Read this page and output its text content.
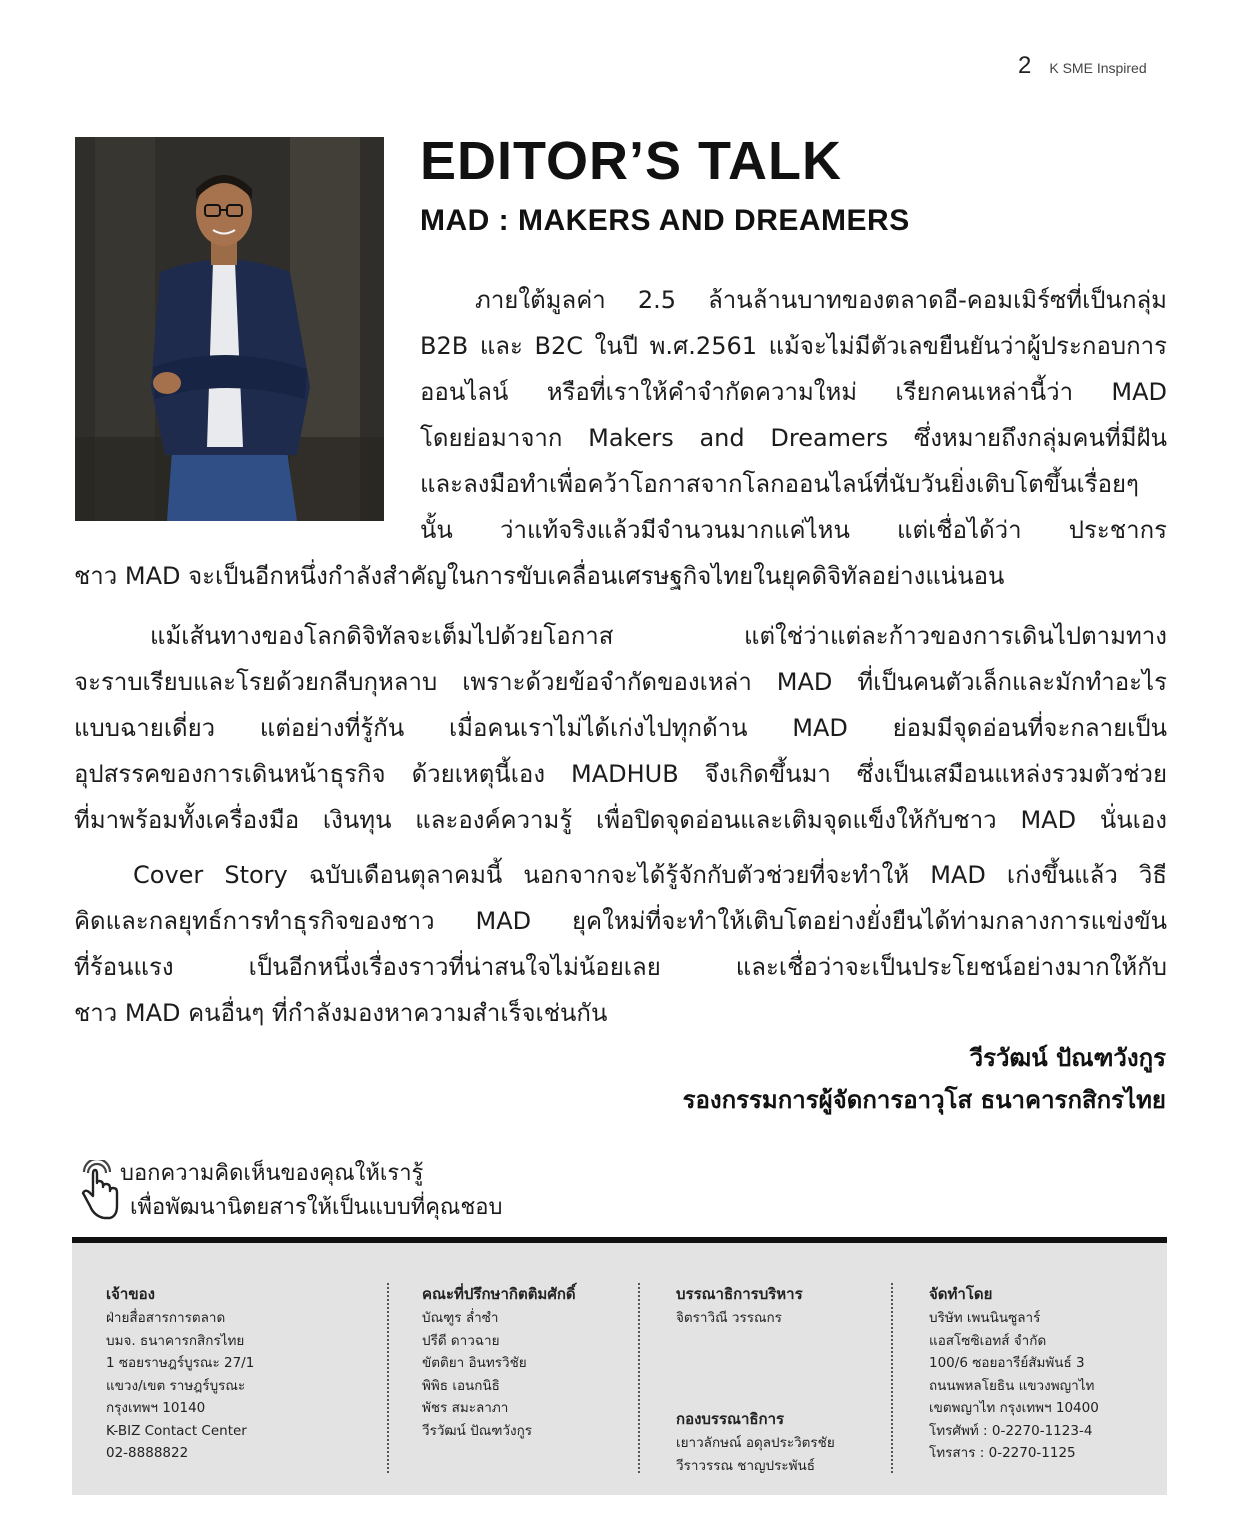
2 K SME Inspired
EDITOR’S TALK
MAD : MAKERS AND DREAMERS
ภายใต้มูลค่า 2.5 ล้านล้านบาทของตลาดอี-คอมเมิร์ซที่เป็นกลุ่ม
B2B และ B2C ในปี พ.ศ.2561 แม้จะไม่มีตัวเลขยืนยันว่าผู้ประกอบการ
ออนไลน์ หรือที่เราให้คำจำกัดความใหม่ เรียกคนเหล่านี้ว่า MAD
โดยย่อมาจาก Makers and Dreamers ซึ่งหมายถึงกลุ่มคนที่มีฝัน
และลงมือทำเพื่อคว้าโอกาสจากโลกออนไลน์ที่นับวันยิ่งเติบโตขึ้นเรื่อยๆ
นั้น ว่าแท้จริงแล้วมีจำนวนมากแค่ไหน แต่เชื่อได้ว่า ประชากร
ชาว MAD จะเป็นอีกหนึ่งกำลังสำคัญในการขับเคลื่อนเศรษฐกิจไทยในยุคดิจิทัลอย่างแน่นอน
แม้เส้นทางของโลกดิจิทัลจะเต็มไปด้วยโอกาส แต่ใช่ว่าแต่ละก้าวของการเดินไปตามทาง
จะราบเรียบและโรยด้วยกลีบกุหลาบ เพราะด้วยข้อจำกัดของเหล่า MAD ที่เป็นคนตัวเล็กและมักทำอะไร
แบบฉายเดี่ยว แต่อย่างที่รู้กัน เมื่อคนเราไม่ได้เก่งไปทุกด้าน MAD ย่อมมีจุดอ่อนที่จะกลายเป็น
อุปสรรคของการเดินหน้าธุรกิจ ด้วยเหตุนี้เอง MADHUB จึงเกิดขึ้นมา ซึ่งเป็นเสมือนแหล่งรวมตัวช่วย
ที่มาพร้อมทั้งเครื่องมือ เงินทุน และองค์ความรู้ เพื่อปิดจุดอ่อนและเติมจุดแข็งให้กับชาว MAD นั่นเอง
Cover Story ฉบับเดือนตุลาคมนี้ นอกจากจะได้รู้จักกับตัวช่วยที่จะทำให้ MAD เก่งขึ้นแล้ว วิธี
คิดและกลยุทธ์การทำธุรกิจของชาว MAD ยุคใหม่ที่จะทำให้เติบโตอย่างยั่งยืนได้ท่ามกลางการแข่งขัน
ที่ร้อนแรง เป็นอีกหนึ่งเรื่องราวที่น่าสนใจไม่น้อยเลย และเชื่อว่าจะเป็นประโยชน์อย่างมากให้กับ
ชาว MAD คนอื่นๆ ที่กำลังมองหาความสำเร็จเช่นกัน
วีรวัฒน์ ปัณฑวังกูร
รองกรรมการผู้จัดการอาวุโส ธนาคารกสิกรไทย
บอกความคิดเห็นของคุณให้เรารู้
เพื่อพัฒนานิตยสารให้เป็นแบบที่คุณชอบ
เจ้าของ
ฝ่ายสื่อสารการตลาด
บมจ. ธนาคารกสิกรไทย
1 ซอยราษฎร์บูรณะ 27/1
แขวง/เขต ราษฎร์บูรณะ
กรุงเทพฯ 10140
K-BIZ Contact Center
02-8888822
คณะที่ปรึกษากิตติมศักดิ์
บัณฑูร ล่ำซำ
ปรีดี ดาวฉาย
ขัตติยา อินทรวิชัย
พิพิธ เอนกนิธิ
พัชร สมะลาภา
วีรวัฒน์ ปัณฑวังกูร
บรรณาธิการบริหาร
จิตราวิณี วรรณกร
กองบรรณาธิการ
เยาวลักษณ์ อดุลประวิตรชัย
วีราวรรณ ชาญประพันธ์
จัดทำโดย
บริษัท เพนนินซูลาร์
แอสโซซิเอทส์ จำกัด
100/6 ซอยอารีย์สัมพันธ์ 3
ถนนพหลโยธิน แขวงพญาไท
เขตพญาไท กรุงเทพฯ 10400
โทรศัพท์ : 0-2270-1123-4
โทรสาร : 0-2270-1125
